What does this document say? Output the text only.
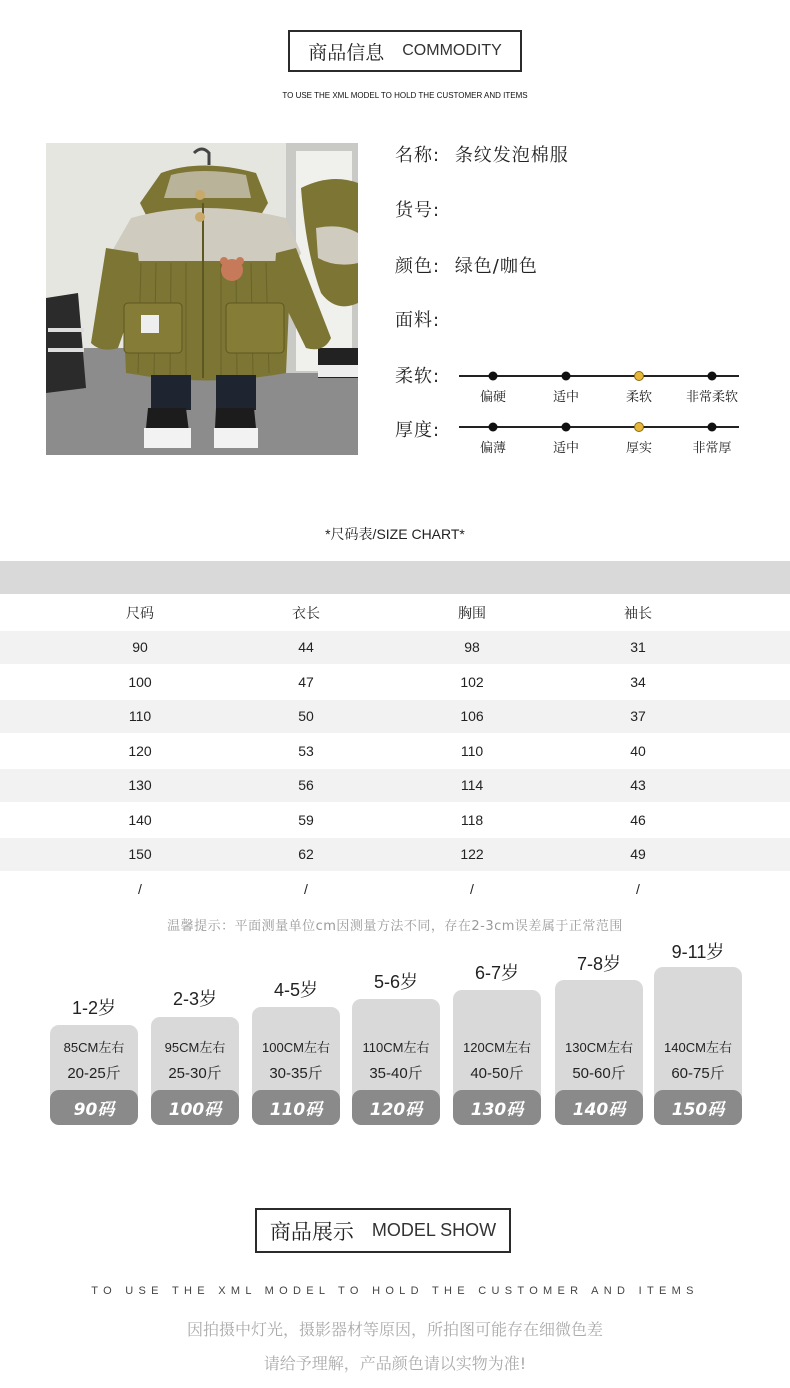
商品信息 COMMODITY
TO USE THE XML MODEL TO HOLD THE CUSTOMER AND ITEMS
名称: 条纹发泡棉服
货号:
颜色: 绿色/咖色
面料:
柔软:
偏硬	适中	柔软	非常柔软
厚度:
偏薄	适中	厚实	非常厚
*尺码表/SIZE CHART*
尺码	衣长	胸围	袖长
90	44	98	31
100	47	102	34
110	50	106	37
120	53	110	40
130	56	114	43
140	59	118	46
150	62	122	49
/	/	/	/
温馨提示：平面测量单位cm因测量方法不同，存在2-3cm误差属于正常范围
1-2岁
85CM左右
20-25斤
90码
2-3岁
95CM左右
25-30斤
100码
4-5岁
100CM左右
30-35斤
110码
5-6岁
110CM左右
35-40斤
120码
6-7岁
120CM左右
40-50斤
130码
7-8岁
130CM左右
50-60斤
140码
9-11岁
140CM左右
60-75斤
150码
商品展示 MODEL SHOW
TO USE THE XML MODEL TO HOLD THE CUSTOMER AND ITEMS
因拍摄中灯光，摄影器材等原因，所拍图可能存在细微色差
请给予理解，产品颜色请以实物为准!
